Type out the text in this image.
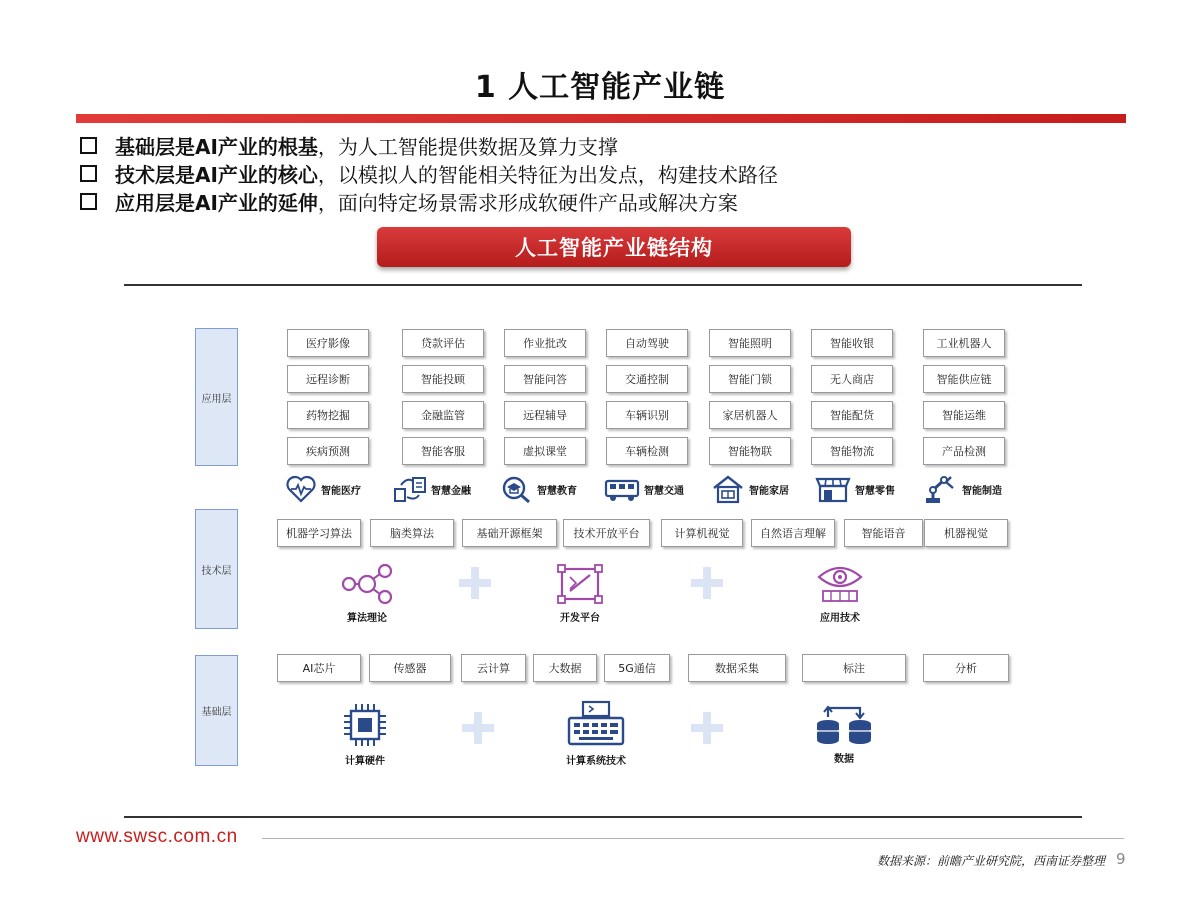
1 人工智能产业链
基础层是AI产业的根基 ，为人工智能提供数据及算力支撑
技术层是AI产业的核心 ，以模拟人的智能相关特征为出发点，构建技术路径
应用层是AI产业的延伸 ，面向特定场景需求形成软硬件产品或解决方案
人工智能产业链结构
应用层
技术层
基础层
医疗影像	贷款评估	作业批改	自动驾驶	智能照明	智能收银	工业机器人
远程诊断	智能投顾	智能问答	交通控制	智能门锁	无人商店	智能供应链
药物挖掘	金融监管	远程辅导	车辆识别	家居机器人	智能配货	智能运维
疾病预测	智能客服	虚拟课堂	车辆检测	智能物联	智能物流	产品检测
智能医疗	智慧金融	智慧教育	智慧交通	智能家居	智慧零售	智能制造
机器学习算法	脑类算法	基础开源框架	技术开放平台	计算机视觉	自然语言理解	智能语音	机器视觉
算法理论	开发平台	应用技术
AI芯片	传感器	云计算	大数据	5G通信	数据采集	标注	分析
计算硬件	计算系统技术	数据
www.swsc.com.cn
数据来源：前瞻产业研究院，西南证券整理 9
